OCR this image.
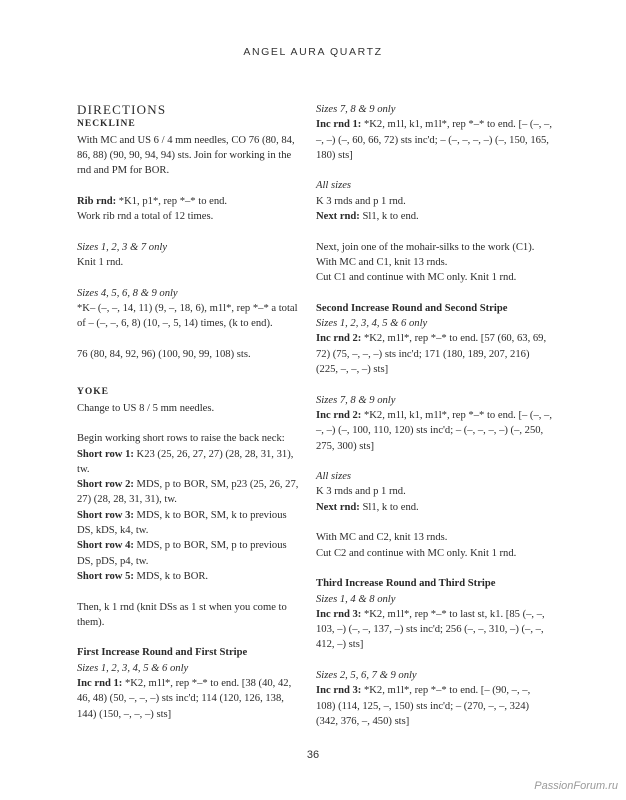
ANGEL AURA QUARTZ

DIRECTIONS

NECKLINE

With MC and US 6 / 4 mm needles, CO 76 (80, 84, 86, 88) (90, 90, 94, 94) sts. Join for working in the rnd and PM for BOR.

Rib rnd: *K1, p1*, rep *–* to end.

Work rib rnd a total of 12 times.

Sizes 1, 2, 3 & 7 only

Knit 1 rnd.

Sizes 4, 5, 6, 8 & 9 only

*K– (–, –, 14, 11) (9, –, 18, 6), m1l*, rep *–* a total of – (–, –, 6, 8) (10, –, 5, 14) times, (k to end).

76 (80, 84, 92, 96) (100, 90, 99, 108) sts.

YOKE

Change to US 8 / 5 mm needles.

Begin working short rows to raise the back neck:

Short row 1: K23 (25, 26, 27, 27) (28, 28, 31, 31), tw.

Short row 2: MDS, p to BOR, SM, p23 (25, 26, 27, 27) (28, 28, 31, 31), tw.

Short row 3: MDS, k to BOR, SM, k to previous DS, kDS, k4, tw.

Short row 4: MDS, p to BOR, SM, p to previous DS, pDS, p4, tw.

Short row 5: MDS, k to BOR.

Then, k 1 rnd (knit DSs as 1 st when you come to them).

First Increase Round and First Stripe

Sizes 1, 2, 3, 4, 5 & 6 only

Inc rnd 1: *K2, m1l*, rep *–* to end. [38 (40, 42, 46, 48) (50, –, –, –) sts inc'd; 114 (120, 126, 138, 144) (150, –, –, –) sts]

Sizes 7, 8 & 9 only

Inc rnd 1: *K2, m1l, k1, m1l*, rep *–* to end. [– (–, –, –, –) (–, 60, 66, 72) sts inc'd; – (–, –, –, –) (–, 150, 165, 180) sts]

All sizes

K 3 rnds and p 1 rnd.

Next rnd: Sl1, k to end.

Next, join one of the mohair-silks to the work (C1).

With MC and C1, knit 13 rnds.

Cut C1 and continue with MC only. Knit 1 rnd.

Second Increase Round and Second Stripe

Sizes 1, 2, 3, 4, 5 & 6 only

Inc rnd 2: *K2, m1l*, rep *–* to end. [57 (60, 63, 69, 72) (75, –, –, –) sts inc'd; 171 (180, 189, 207, 216) (225, –, –, –) sts]

Sizes 7, 8 & 9 only

Inc rnd 2: *K2, m1l, k1, m1l*, rep *–* to end. [– (–, –, –, –) (–, 100, 110, 120) sts inc'd; – (–, –, –, –) (–, 250, 275, 300) sts]

All sizes

K 3 rnds and p 1 rnd.

Next rnd: Sl1, k to end.

With MC and C2, knit 13 rnds.

Cut C2 and continue with MC only. Knit 1 rnd.

Third Increase Round and Third Stripe

Sizes 1, 4 & 8 only

Inc rnd 3: *K2, m1l*, rep *–* to last st, k1. [85 (–, –, 103, –) (–, –, 137, –) sts inc'd; 256 (–, –, 310, –) (–, –, 412, –) sts]

Sizes 2, 5, 6, 7 & 9 only

Inc rnd 3: *K2, m1l*, rep *–* to end. [– (90, –, –, 108) (114, 125, –, 150) sts inc'd; – (270, –, –, 324) (342, 376, –, 450) sts]

36
PassionForum.ru
